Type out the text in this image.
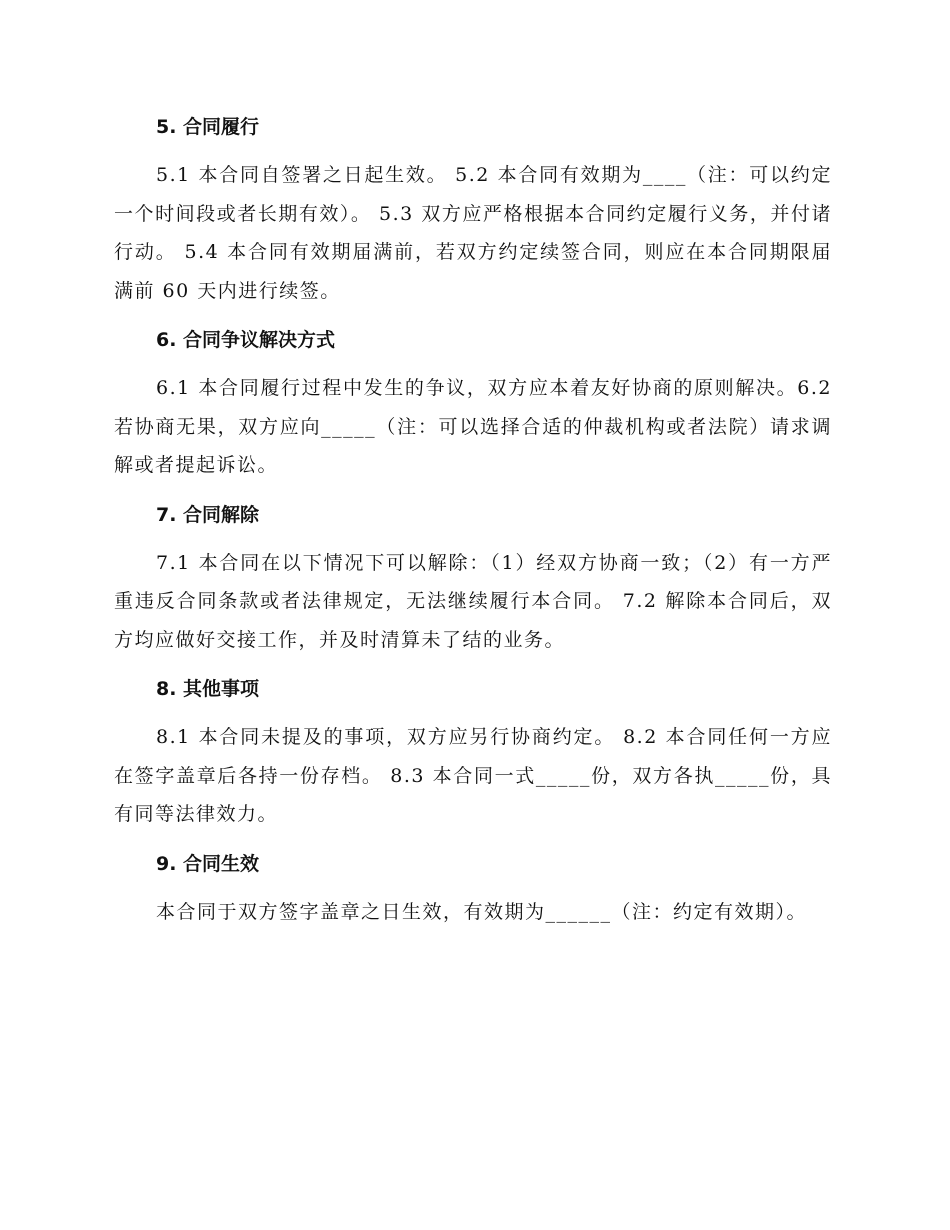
5. 合同履行

5.1 本合同自签署之日起生效。 5.2 本合同有效期为____（注：可以约定一个时间段或者长期有效）。 5.3 双方应严格根据本合同约定履行义务，并付诸行动。 5.4 本合同有效期届满前，若双方约定续签合同，则应在本合同期限届满前 60 天内进行续签。

6. 合同争议解决方式

6.1 本合同履行过程中发生的争议，双方应本着友好协商的原则解决。6.2 若协商无果，双方应向_____（注：可以选择合适的仲裁机构或者法院）请求调解或者提起诉讼。

7. 合同解除

7.1 本合同在以下情况下可以解除：（1）经双方协商一致；（2）有一方严重违反合同条款或者法律规定，无法继续履行本合同。 7.2 解除本合同后，双方均应做好交接工作，并及时清算未了结的业务。

8. 其他事项

8.1 本合同未提及的事项，双方应另行协商约定。 8.2 本合同任何一方应在签字盖章后各持一份存档。 8.3 本合同一式_____份，双方各执_____份，具有同等法律效力。

9. 合同生效

本合同于双方签字盖章之日生效，有效期为______（注：约定有效期）。
